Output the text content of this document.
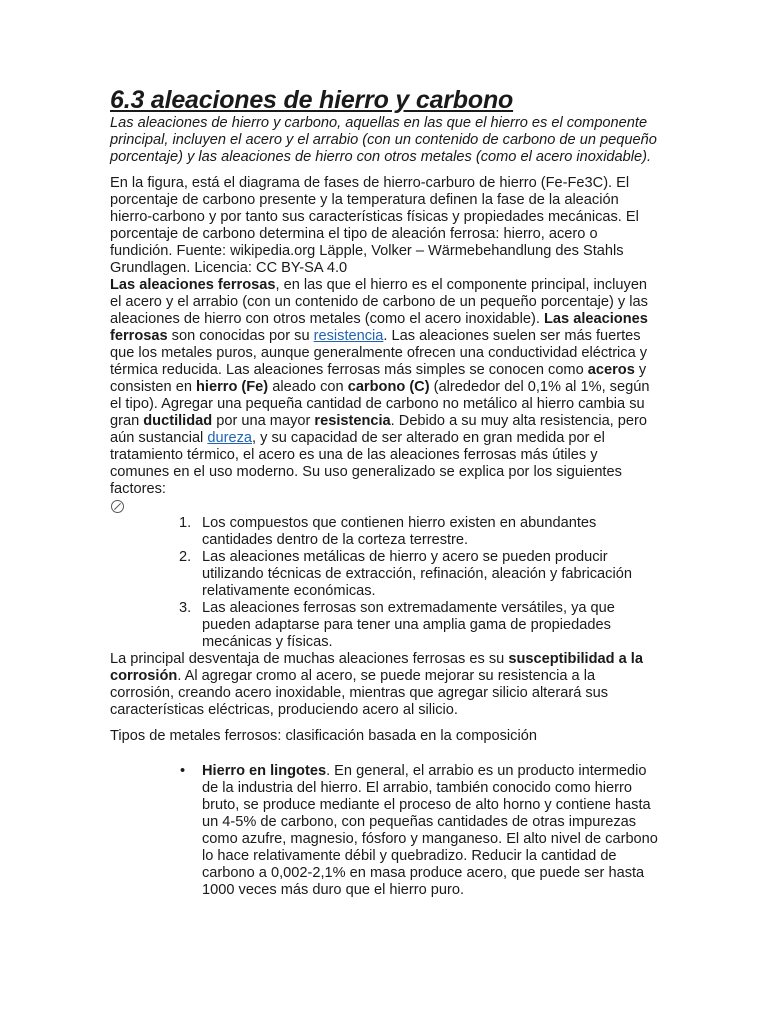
6.3 aleaciones de hierro y carbono

Las aleaciones de hierro y carbono, aquellas en las que el hierro es el componente principal, incluyen el acero y el arrabio (con un contenido de carbono de un pequeño porcentaje) y las aleaciones de hierro con otros metales (como el acero inoxidable).

En la figura, está el diagrama de fases de hierro-carburo de hierro (Fe-Fe3C). El porcentaje de carbono presente y la temperatura definen la fase de la aleación hierro-carbono y por tanto sus características físicas y propiedades mecánicas. El porcentaje de carbono determina el tipo de aleación ferrosa: hierro, acero o fundición. Fuente: wikipedia.org Läpple, Volker – Wärmebehandlung des Stahls Grundlagen. Licencia: CC BY-SA 4.0

Las aleaciones ferrosas, en las que el hierro es el componente principal, incluyen el acero y el arrabio (con un contenido de carbono de un pequeño porcentaje) y las aleaciones de hierro con otros metales (como el acero inoxidable). Las aleaciones ferrosas son conocidas por su resistencia. Las aleaciones suelen ser más fuertes que los metales puros, aunque generalmente ofrecen una conductividad eléctrica y térmica reducida. Las aleaciones ferrosas más simples se conocen como aceros y consisten en hierro (Fe) aleado con carbono (C) (alrededor del 0,1% al 1%, según el tipo). Agregar una pequeña cantidad de carbono no metálico al hierro cambia su gran ductilidad por una mayor resistencia. Debido a su muy alta resistencia, pero aún sustancial dureza, y su capacidad de ser alterado en gran medida por el tratamiento térmico, el acero es una de las aleaciones ferrosas más útiles y comunes en el uso moderno. Su uso generalizado se explica por los siguientes factores:

1. Los compuestos que contienen hierro existen en abundantes cantidades dentro de la corteza terrestre.
2. Las aleaciones metálicas de hierro y acero se pueden producir utilizando técnicas de extracción, refinación, aleación y fabricación relativamente económicas.
3. Las aleaciones ferrosas son extremadamente versátiles, ya que pueden adaptarse para tener una amplia gama de propiedades mecánicas y físicas.

La principal desventaja de muchas aleaciones ferrosas es su susceptibilidad a la corrosión. Al agregar cromo al acero, se puede mejorar su resistencia a la corrosión, creando acero inoxidable, mientras que agregar silicio alterará sus características eléctricas, produciendo acero al silicio.

Tipos de metales ferrosos: clasificación basada en la composición

• Hierro en lingotes. En general, el arrabio es un producto intermedio de la industria del hierro. El arrabio, también conocido como hierro bruto, se produce mediante el proceso de alto horno y contiene hasta un 4-5% de carbono, con pequeñas cantidades de otras impurezas como azufre, magnesio, fósforo y manganeso. El alto nivel de carbono lo hace relativamente débil y quebradizo. Reducir la cantidad de carbono a 0,002-2,1% en masa produce acero, que puede ser hasta 1000 veces más duro que el hierro puro.
